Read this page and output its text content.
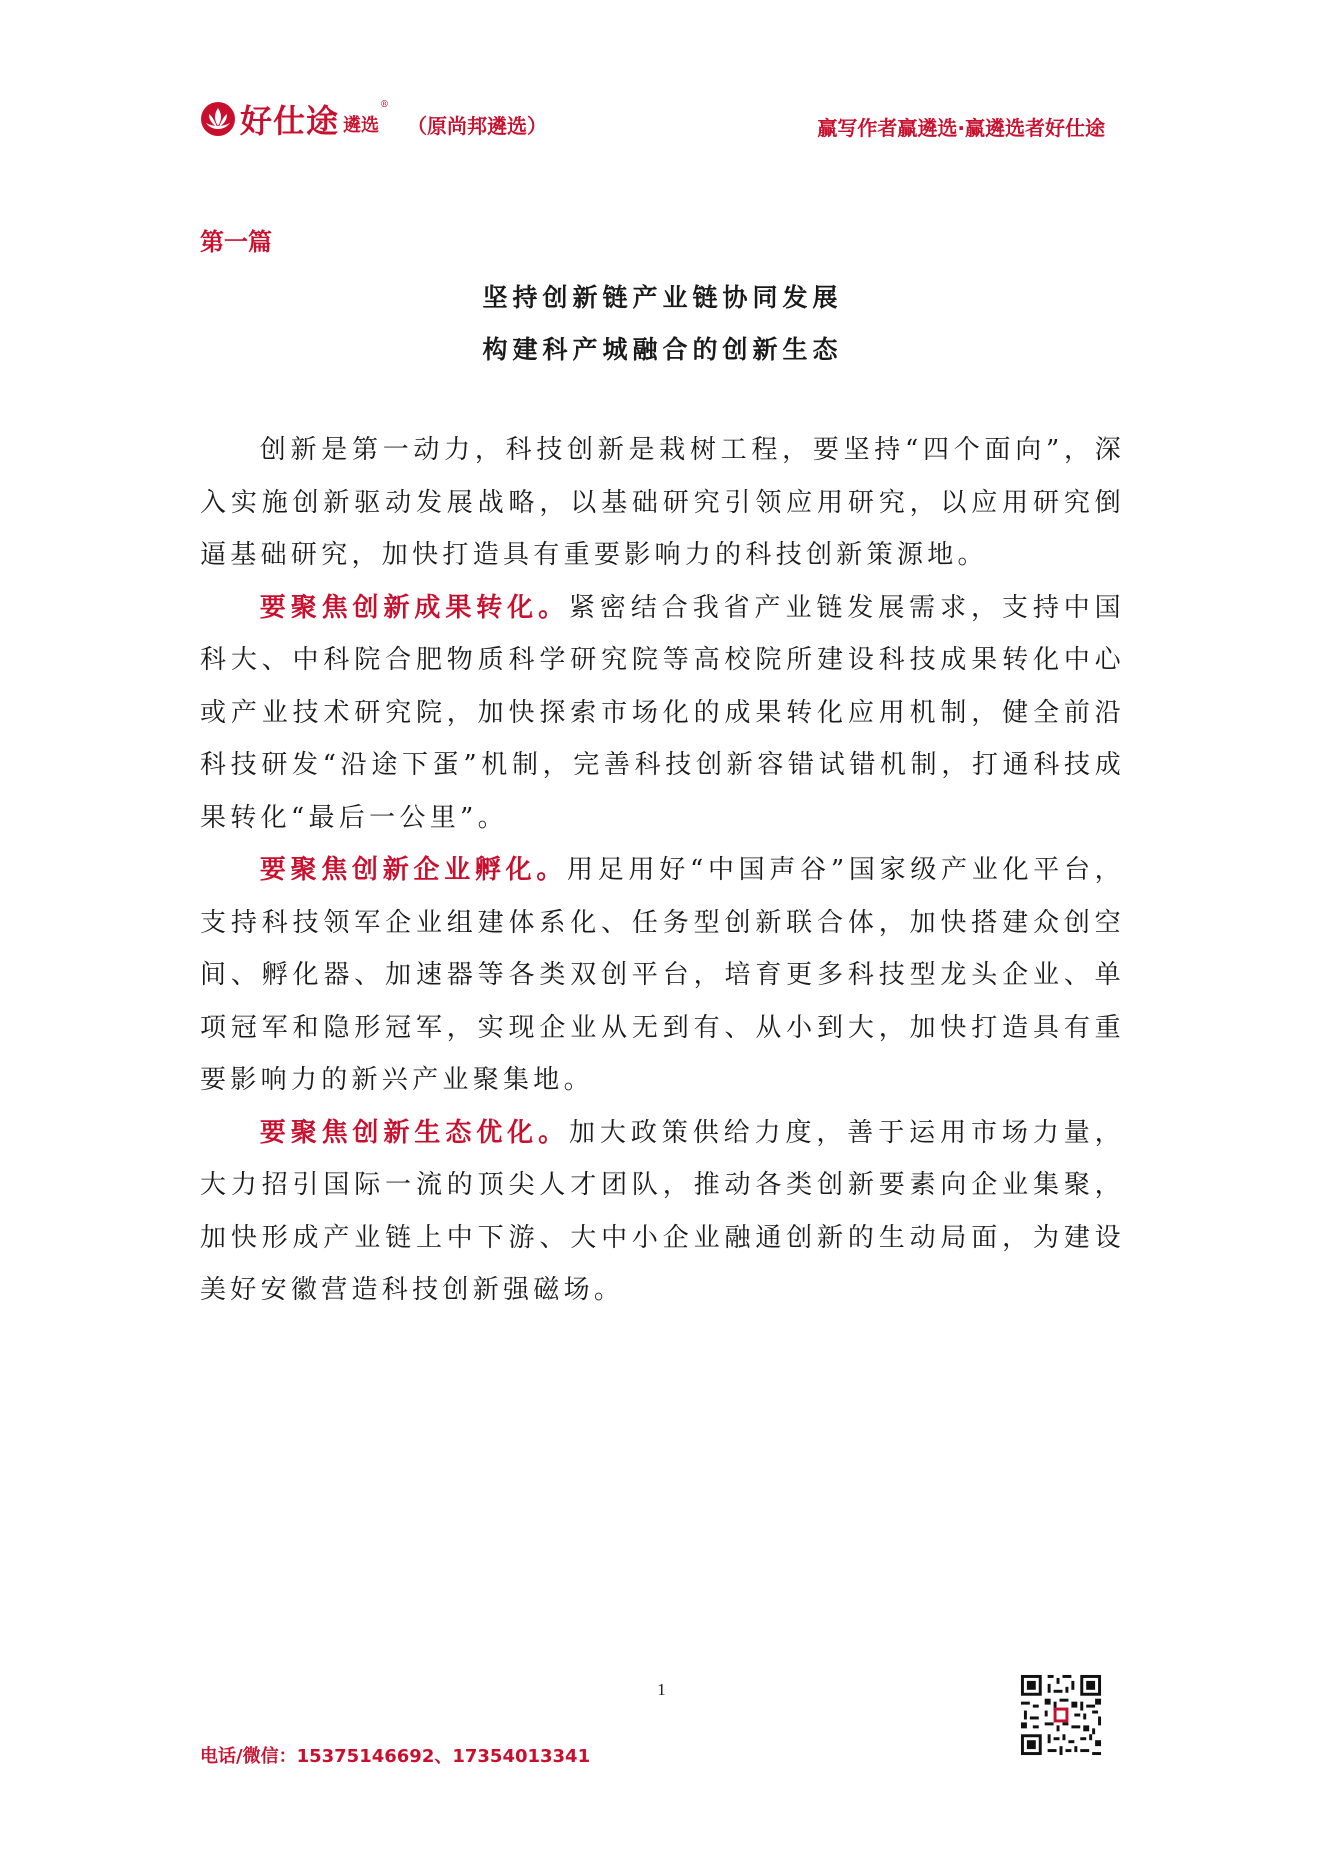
好仕途 遴选
®
（原尚邦遴选）	赢写作者赢遴选·赢遴选者好仕途
第一篇
坚持创新链产业链协同发展
构建科产城融合的创新生态

创新是第一动力，科技创新是栽树工程，要坚持“四个面向”，深入实施创新驱动发展战略，以基础研究引领应用研究，以应用研究倒逼基础研究，加快打造具有重要影响力的科技创新策源地。

要聚焦创新成果转化。紧密结合我省产业链发展需求，支持中国科大、中科院合肥物质科学研究院等高校院所建设科技成果转化中心或产业技术研究院，加快探索市场化的成果转化应用机制，健全前沿科技研发“沿途下蛋”机制，完善科技创新容错试错机制，打通科技成果转化“最后一公里”。

要聚焦创新企业孵化。用足用好“中国声谷”国家级产业化平台，支持科技领军企业组建体系化、任务型创新联合体，加快搭建众创空间、孵化器、加速器等各类双创平台，培育更多科技型龙头企业、单项冠军和隐形冠军，实现企业从无到有、从小到大，加快打造具有重要影响力的新兴产业聚集地。

要聚焦创新生态优化。加大政策供给力度，善于运用市场力量，大力招引国际一流的顶尖人才团队，推动各类创新要素向企业集聚，加快形成产业链上中下游、大中小企业融通创新的生动局面，为建设美好安徽营造科技创新强磁场。

1
电话/微信：15375146692、17354013341
